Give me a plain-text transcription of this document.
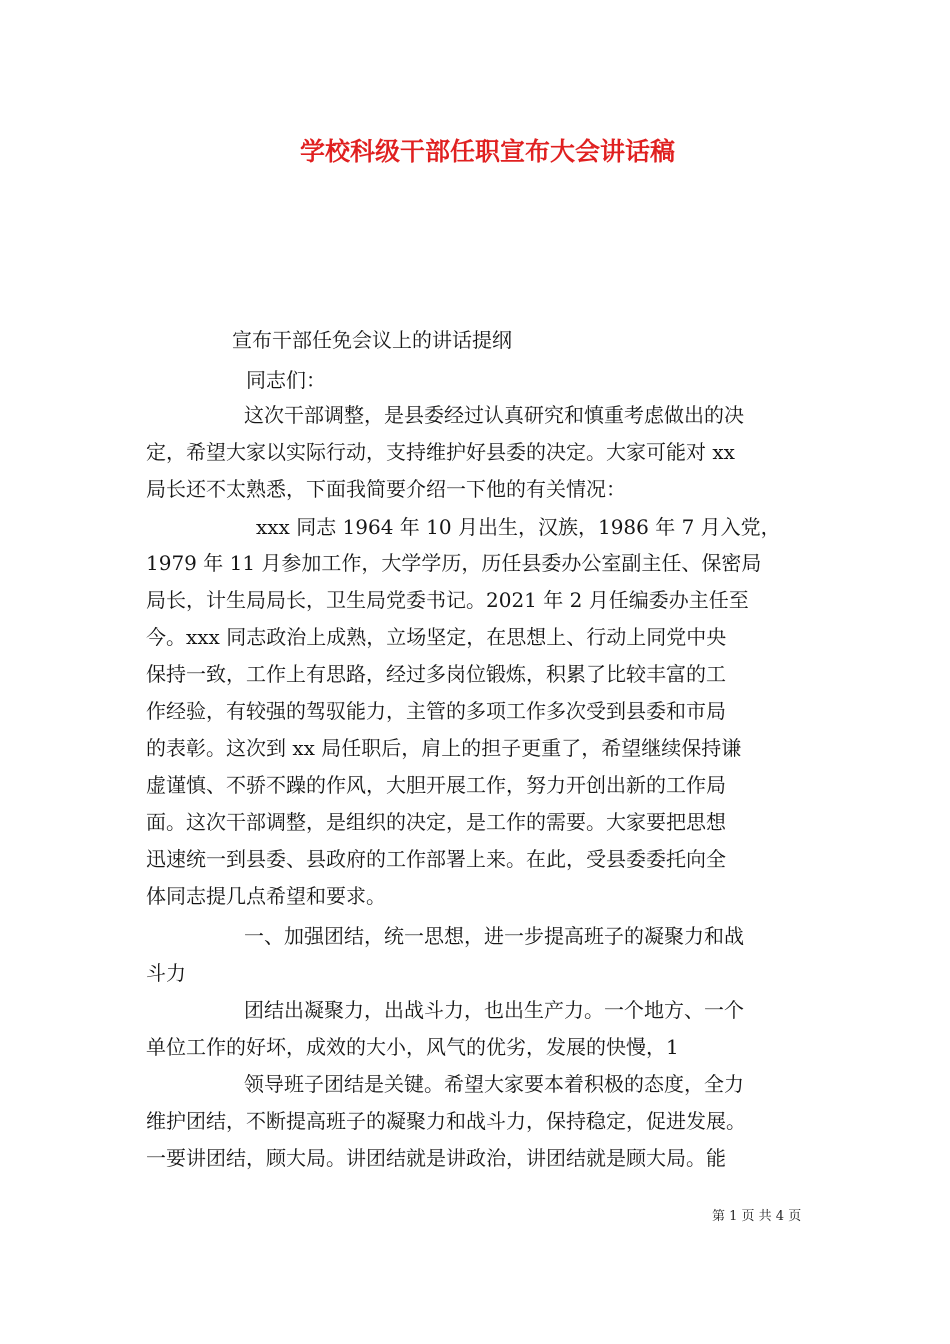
学校科级干部任职宣布大会讲话稿
宣布干部任免会议上的讲话提纲
同志们：
这次干部调整，是县委经过认真研究和慎重考虑做出的决
定，希望大家以实际行动，支持维护好县委的决定。大家可能对 xx
局长还不太熟悉，下面我简要介绍一下他的有关情况：
xxx 同志 1964 年 10 月出生，汉族，1986 年 7 月入党，
1979 年 11 月参加工作，大学学历，历任县委办公室副主任、保密局
局长，计生局局长，卫生局党委书记。2021 年 2 月任编委办主任至
今。xxx 同志政治上成熟，立场坚定，在思想上、行动上同党中央
保持一致，工作上有思路，经过多岗位锻炼，积累了比较丰富的工
作经验，有较强的驾驭能力，主管的多项工作多次受到县委和市局
的表彰。这次到 xx 局任职后，肩上的担子更重了，希望继续保持谦
虚谨慎、不骄不躁的作风，大胆开展工作，努力开创出新的工作局
面。这次干部调整，是组织的决定，是工作的需要。大家要把思想
迅速统一到县委、县政府的工作部署上来。在此，受县委委托向全
体同志提几点希望和要求。
一、加强团结，统一思想，进一步提高班子的凝聚力和战
斗力
团结出凝聚力，出战斗力，也出生产力。一个地方、一个
单位工作的好坏，成效的大小，风气的优劣，发展的快慢，1
领导班子团结是关键。希望大家要本着积极的态度，全力
维护团结，不断提高班子的凝聚力和战斗力，保持稳定，促进发展。
一要讲团结，顾大局。讲团结就是讲政治，讲团结就是顾大局。能
第 1 页 共 4 页
